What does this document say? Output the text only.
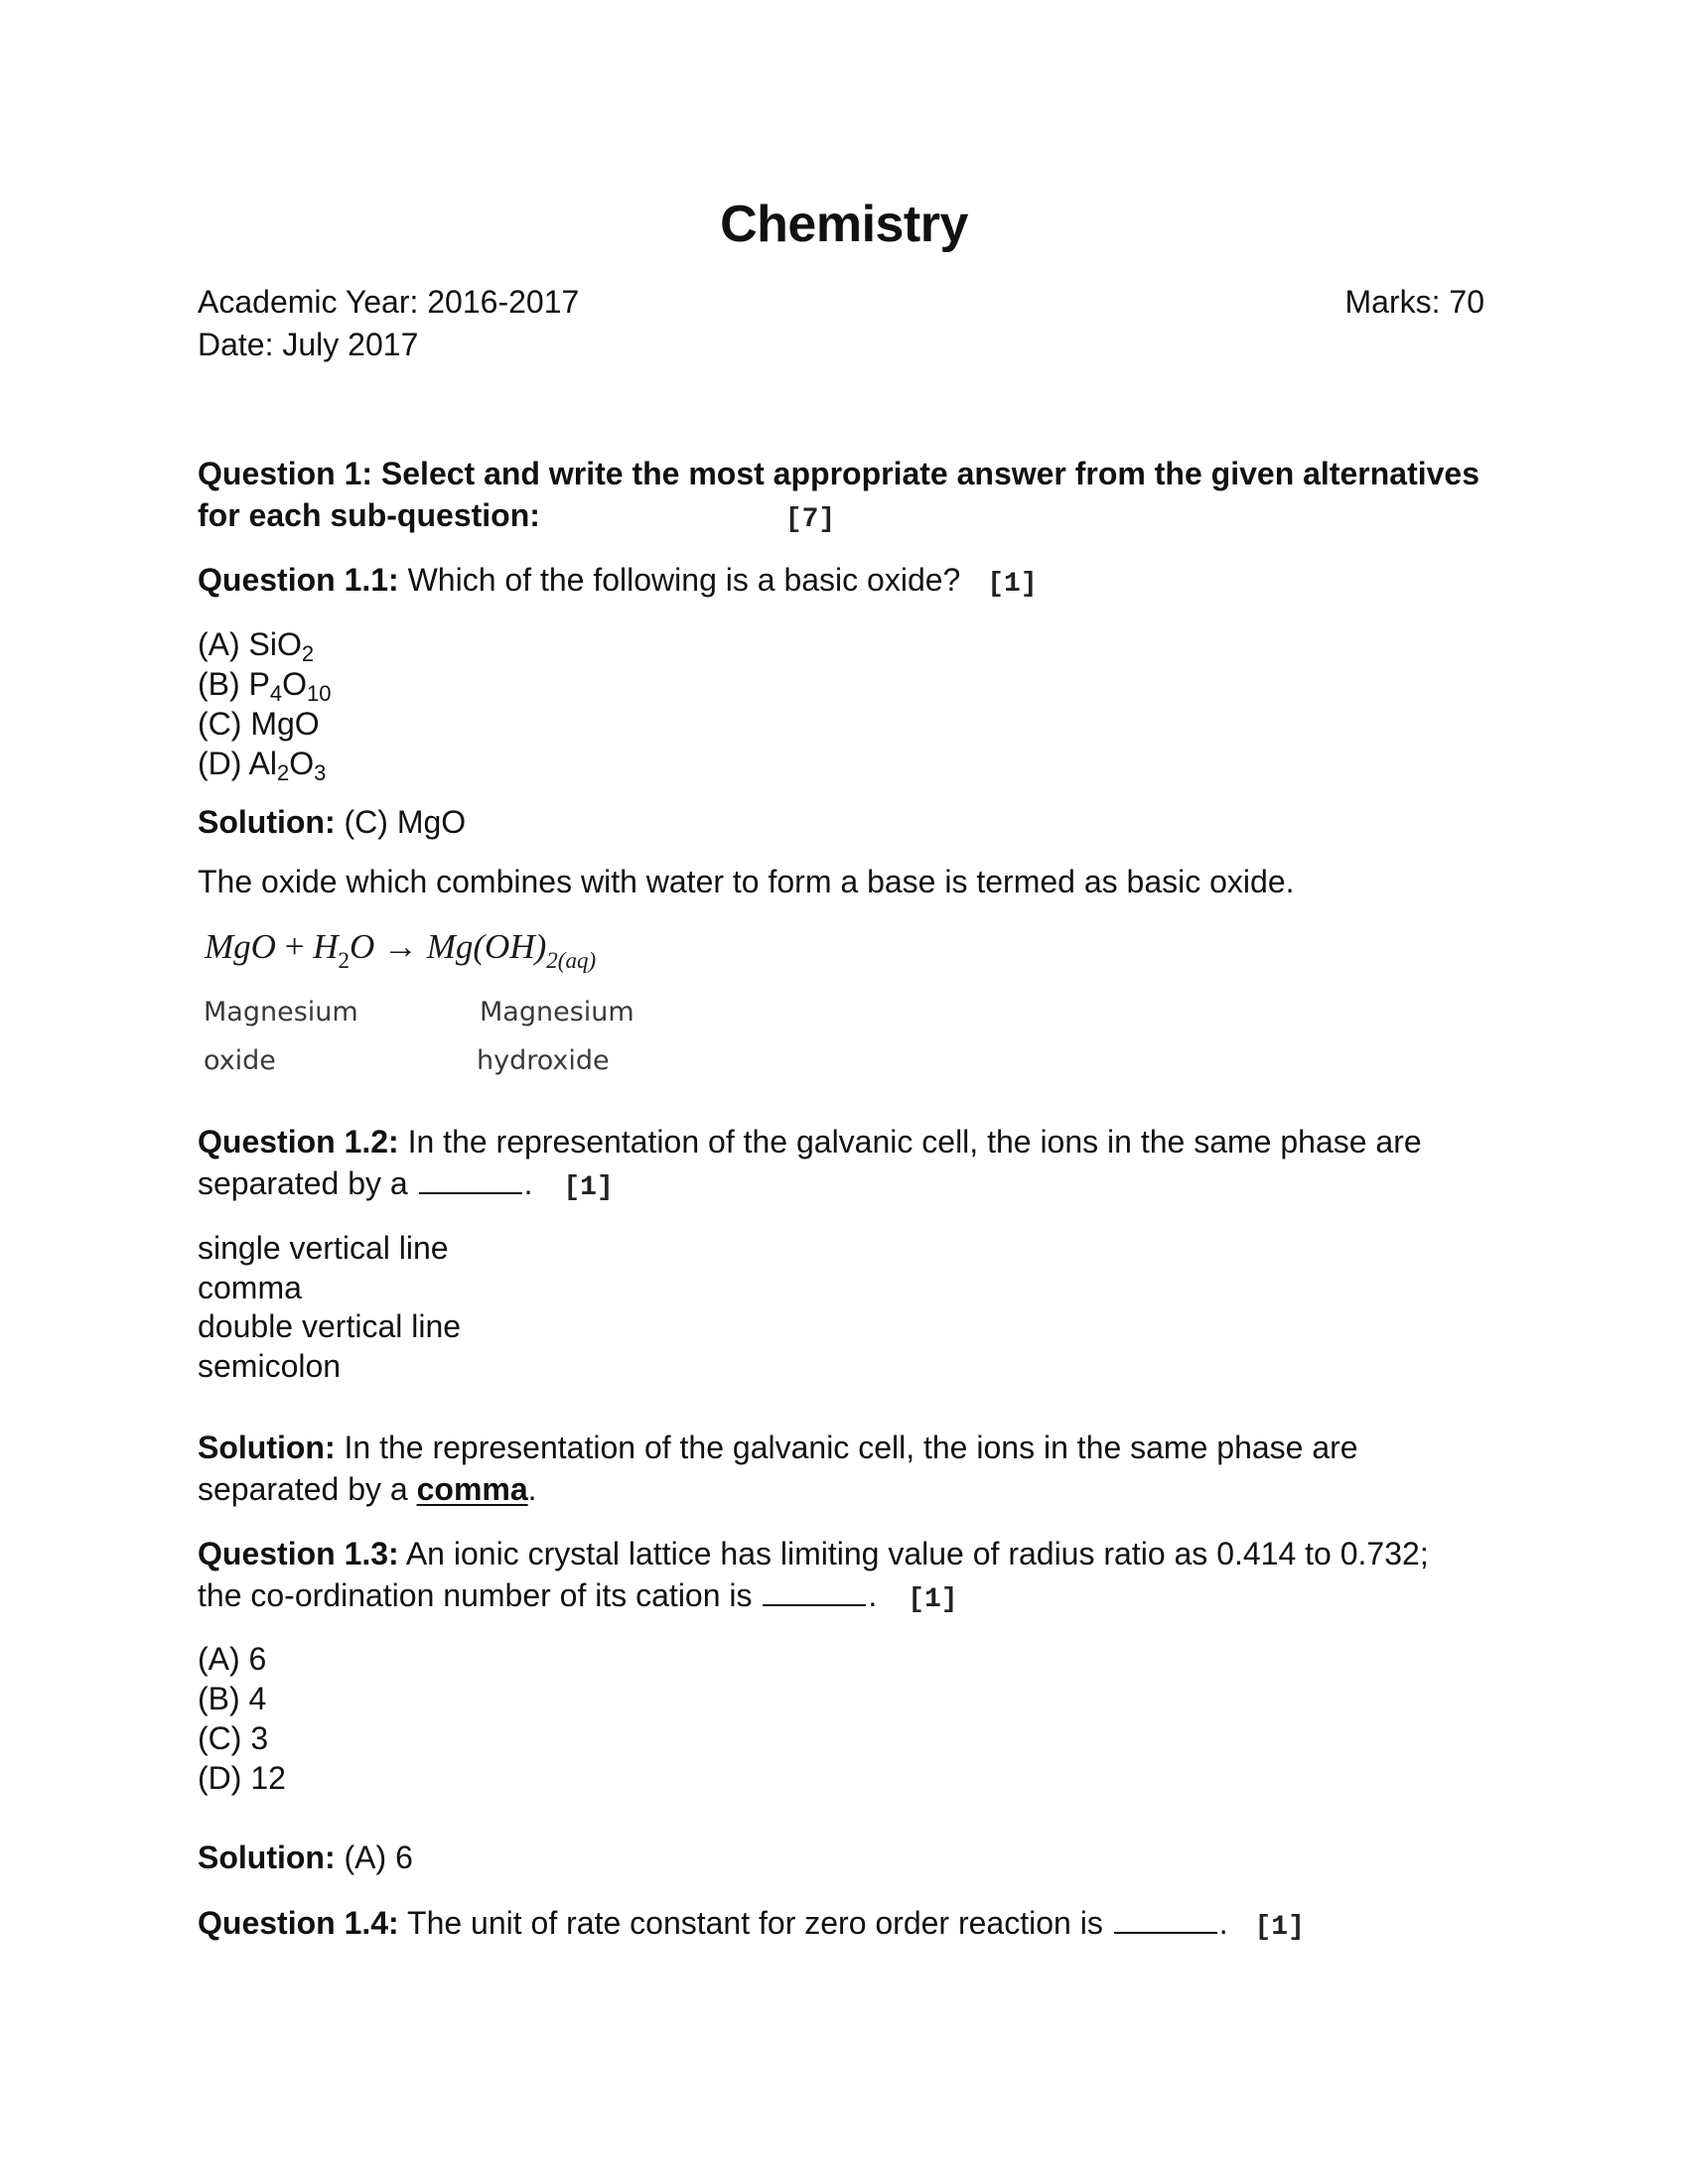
Chemistry
Academic Year: 2016-2017	Marks: 70
Date: July 2017
Question 1: Select and write the most appropriate answer from the given alternatives
for each sub-question:	[7]
Question 1.1: Which of the following is a basic oxide? [1]
(A) SiO$_2$
(B) $P_4O_{10}$
(C) MgO
(D) $Al_2O_3$
Solution: (C) MgO
The oxide which combines with water to form a base is termed as basic oxide.
MgO + $H_2O \to Mg(OH)_{2(aq)}$
Magnesium
oxide
Magnesium
hydroxide
Question 1.2: In the representation of the galvanic cell, the ions in the same phase are
separated by a	. [1]
single vertical line
comma
double vertical line
semicolon
Solution: In the representation of the galvanic cell, the ions in the same phase are
separated by a comma.
Question 1.3: An ionic crystal lattice has limiting value of radius ratio as 0.414 to 0.732;
the co-ordination number of its cation is	. [1]
(A) 6
(B) 4
(C) 3
(D) 12
Solution: (A) 6
Question 1.4: The unit of rate constant for zero order reaction is	. [1]
